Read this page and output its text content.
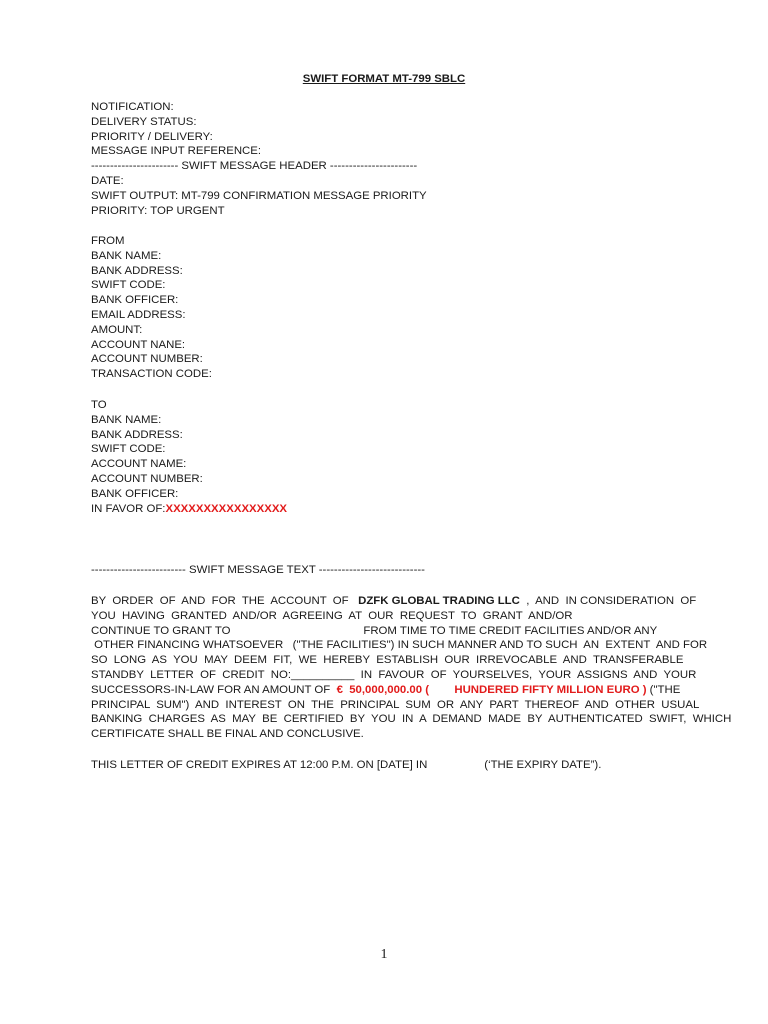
SWIFT FORMAT MT-799 SBLC
NOTIFICATION:
DELIVERY STATUS:
PRIORITY / DELIVERY:
MESSAGE INPUT REFERENCE:
----------------------- SWIFT MESSAGE HEADER -----------------------
DATE:
SWIFT OUTPUT: MT-799 CONFIRMATION MESSAGE PRIORITY
PRIORITY: TOP URGENT
FROM
BANK NAME:
BANK ADDRESS:
SWIFT CODE:
BANK OFFICER:
EMAIL ADDRESS:
AMOUNT:
ACCOUNT NANE:
ACCOUNT NUMBER:
TRANSACTION CODE:
TO
BANK NAME:
BANK ADDRESS:
SWIFT CODE:
ACCOUNT NAME:
ACCOUNT NUMBER:
BANK OFFICER:
IN FAVOR OF:XXXXXXXXXXXXXXXX
------------------------- SWIFT MESSAGE TEXT ----------------------------
BY  ORDER  OF  AND  FOR  THE  ACCOUNT  OF   DZFK GLOBAL TRADING LLC  ,  AND  IN CONSIDERATION  OF
YOU  HAVING  GRANTED  AND/OR  AGREEING  AT  OUR  REQUEST  TO  GRANT  AND/OR
CONTINUE TO GRANT TO                                          FROM TIME TO TIME CREDIT FACILITIES AND/OR ANY
OTHER FINANCING WHATSOEVER   ("THE FACILITIES") IN SUCH MANNER AND TO SUCH  AN  EXTENT  AND FOR
SO  LONG  AS  YOU  MAY  DEEM  FIT,  WE  HEREBY  ESTABLISH  OUR  IRREVOCABLE  AND  TRANSFERABLE
STANDBY  LETTER  OF  CREDIT  NO:__________  IN  FAVOUR  OF  YOURSELVES,  YOUR  ASSIGNS  AND  YOUR
SUCCESSORS-IN-LAW FOR AN AMOUNT OF  €  50,000,000.00 (        HUNDERED FIFTY MILLION EURO ) ("THE
PRINCIPAL  SUM")  AND  INTEREST  ON  THE  PRINCIPAL  SUM  OR  ANY  PART  THEREOF  AND  OTHER  USUAL
BANKING  CHARGES  AS  MAY  BE  CERTIFIED  BY  YOU  IN  A  DEMAND  MADE  BY  AUTHENTICATED  SWIFT,  WHICH
CERTIFICATE SHALL BE FINAL AND CONCLUSIVE.
THIS LETTER OF CREDIT EXPIRES AT 12:00 P.M. ON [DATE] IN                  (‘THE EXPIRY DATE”).
1
